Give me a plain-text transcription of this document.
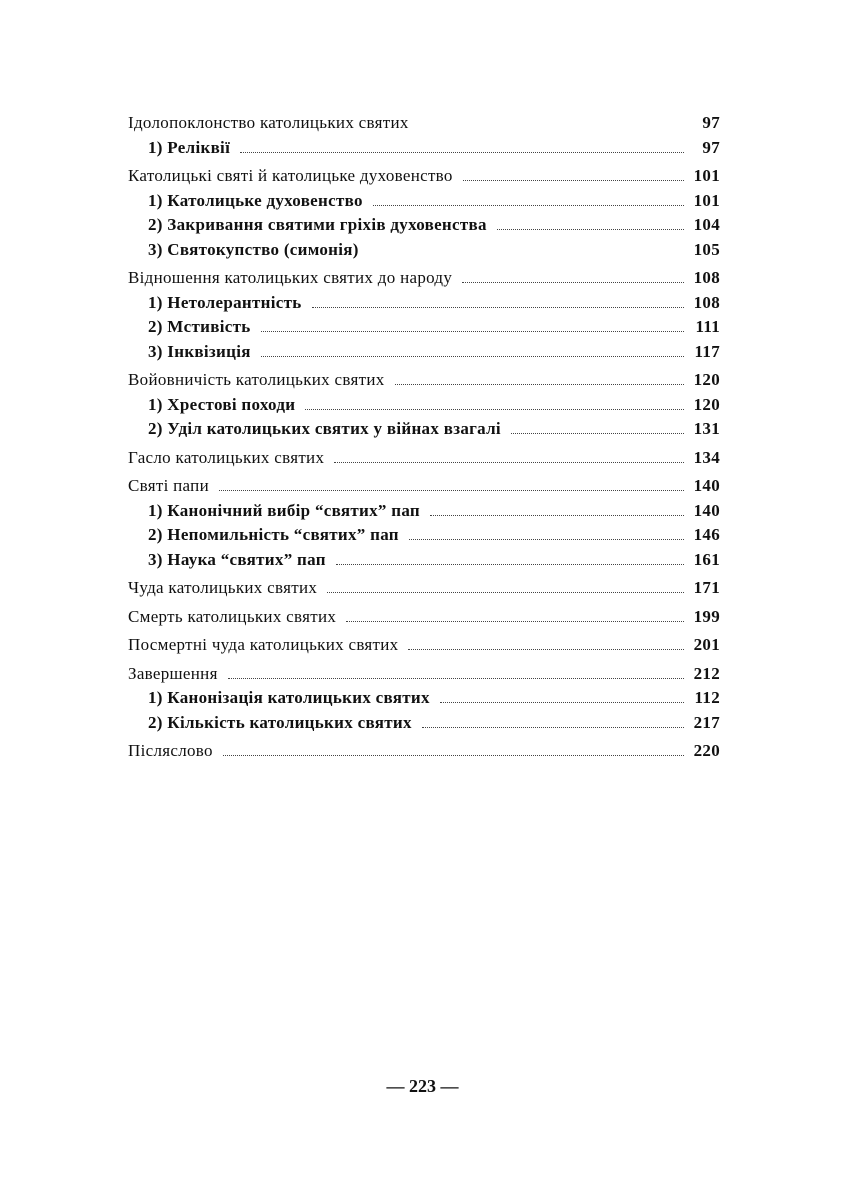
Ідолопоклонство католицьких святих	97
1) Реліквії	97
Католицькі святі й католицьке духовенство	101
1) Католицьке духовенство	101
2) Закривання святими гріхів духовенства	104
3) Святокупство (симонія)	105
Відношення католицьких святих до народу	108
1) Нетолерантність	108
2) Мстивість	111
3) Інквізиція	117
Войовничість католицьких святих	120
1) Хрестові походи	120
2) Уділ католицьких святих у війнах взагалі	131
Гасло католицьких святих	134
Святі папи	140
1) Канонічний вибір “святих” пап	140
2) Непомильність “святих” пап	146
3) Наука “святих” пап	161
Чуда католицьких святих	171
Смерть католицьких святих	199
Посмертні чуда католицьких святих	201
Завершення	212
1) Канонізація католицьких святих	112
2) Кількість католицьких святих	217
Післяслово	220
— 223 —
